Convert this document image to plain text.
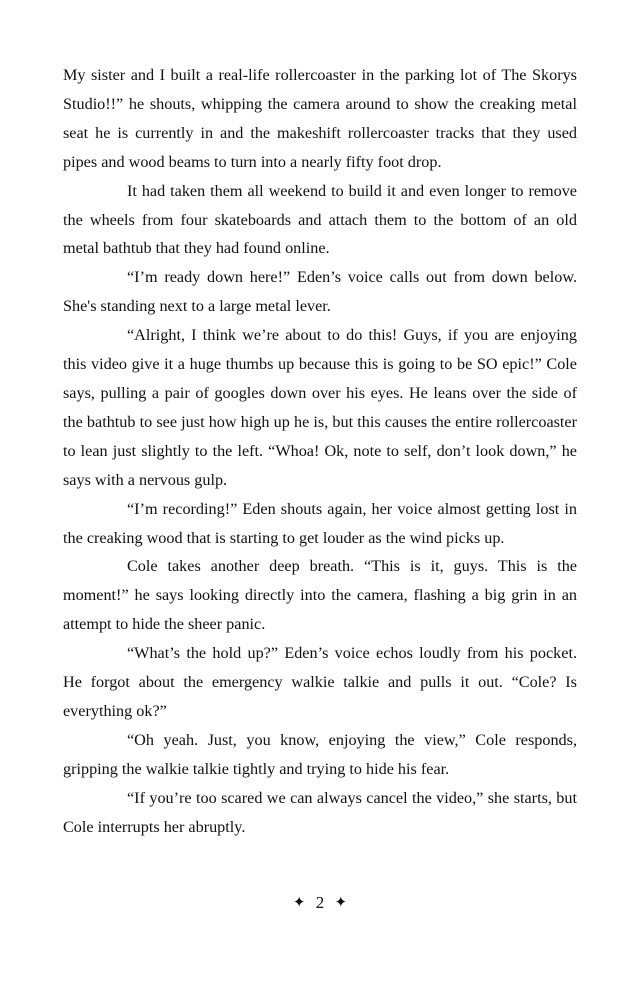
My sister and I built a real-life rollercoaster in the parking lot of The Skorys Studio!!” he shouts, whipping the camera around to show the creaking metal seat he is currently in and the makeshift rollercoaster tracks that they used pipes and wood beams to turn into a nearly fifty foot drop.

It had taken them all weekend to build it and even longer to remove the wheels from four skateboards and attach them to the bottom of an old metal bathtub that they had found online.

“I’m ready down here!” Eden’s voice calls out from down below. She's standing next to a large metal lever.

“Alright, I think we’re about to do this! Guys, if you are enjoying this video give it a huge thumbs up because this is going to be SO epic!” Cole says, pulling a pair of googles down over his eyes. He leans over the side of the bathtub to see just how high up he is, but this causes the entire rollercoaster to lean just slightly to the left. “Whoa! Ok, note to self, don’t look down,” he says with a nervous gulp.

“I’m recording!” Eden shouts again, her voice almost getting lost in the creaking wood that is starting to get louder as the wind picks up.

Cole takes another deep breath. “This is it, guys. This is the moment!” he says looking directly into the camera, flashing a big grin in an attempt to hide the sheer panic.

“What’s the hold up?” Eden’s voice echos loudly from his pocket. He forgot about the emergency walkie talkie and pulls it out. “Cole? Is everything ok?”

“Oh yeah. Just, you know, enjoying the view,” Cole responds, gripping the walkie talkie tightly and trying to hide his fear.

“If you’re too scared we can always cancel the video,” she starts, but Cole interrupts her abruptly.

✦ 2 ✦
